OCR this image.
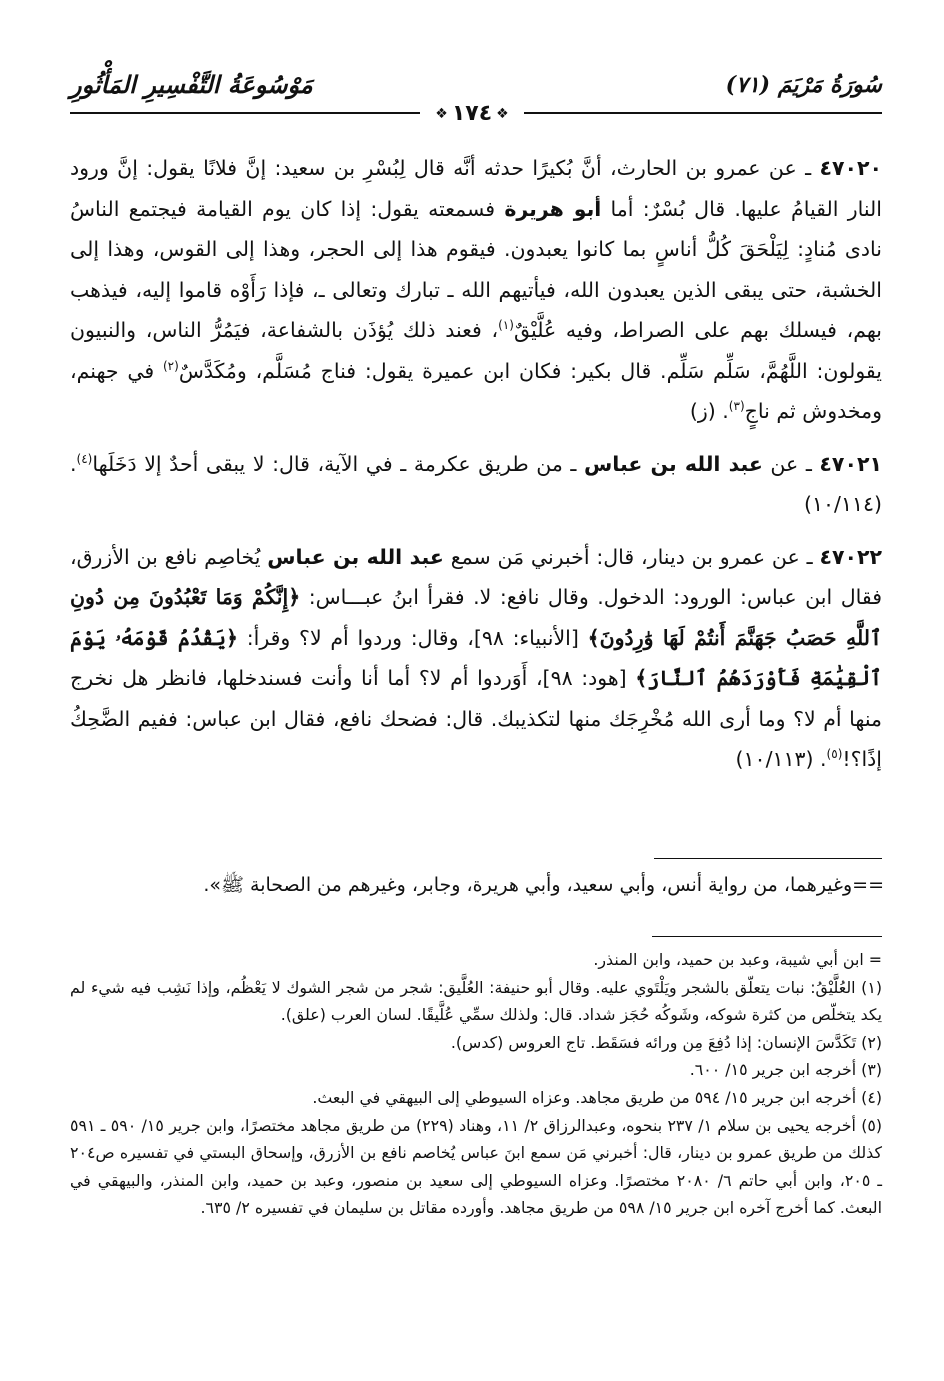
سُورَةُ مَرْيَمَ (٧١)
مَوْسُوعَةُ التَّفْسِيرِ المَأْثُورِ
❖١٧٤❖

٤٧٠٢٠ ـ عن عمرو بن الحارث، أنَّ بُكيرًا حدثه أنَّه قال لِبُسْرِ بن سعيد: إنَّ فلانًا يقول: إنَّ ورود النار القيامُ عليها. قال بُسْرٌ: أما أبو هريرة فسمعته يقول: إذا كان يوم القيامة فيجتمع الناسُ نادى مُنادٍ: لِيَلْحَقَ كُلُّ أناسٍ بما كانوا يعبدون. فيقوم هذا إلى الحجر، وهذا إلى القوس، وهذا إلى الخشبة، حتى يبقى الذين يعبدون الله، فيأتيهم الله ـ تبارك وتعالى ـ، فإذا رَأَوْه قاموا إليه، فيذهب بهم، فيسلك بهم على الصراط، وفيه عُلَّيْقٌ$^{(١)}$، فعند ذلك يُؤذَن بالشفاعة، فيَمُرُّ الناس، والنبيون يقولون: اللَّهُمَّ، سَلِّم سَلِّم. قال بكير: فكان ابن عميرة يقول: فناج مُسَلَّم، ومُكَدَّسٌ$^{(٢)}$ في جهنم، ومخدوش ثم ناجٍ$^{(٣)}$. (ز)

٤٧٠٢١ ـ عن عبد الله بن عباس ـ من طريق عكرمة ـ في الآية، قال: لا يبقى أحدٌ إلا دَخَلَها$^{(٤)}$. (١٠/١١٤)

٤٧٠٢٢ ـ عن عمرو بن دينار، قال: أخبرني مَن سمع عبد الله بن عباس يُخاصِم نافع بن الأزرق، فقال ابن عباس: الورود: الدخول. وقال نافع: لا. فقرأ ابنُ عبـــاس: ﴿إِنَّكُمْ وَمَا تَعْبُدُونَ مِن دُونِ ٱللَّهِ حَصَبُ جَهَنَّمَ أَنتُمْ لَهَا وَٰرِدُونَ﴾ [الأنبياء: ٩٨]، وقال: وردوا أم لا؟ وقرأ: ﴿يَقْدُمُ قَوْمَهُۥ يَوْمَ ٱلْقِيَٰمَةِ فَأَوْرَدَهُمُ ٱلنَّارَ﴾ [هود: ٩٨]، أَوَردوا أم لا؟ أما أنا وأنت فسندخلها، فانظر هل نخرج منها أم لا؟ وما أرى الله مُخْرِجَك منها لتكذيبك. قال: فضحك نافع، فقال ابن عباس: ففيم الضَّحِكُ إذًا؟!$^{(٥)}$. (١٠/١١٣)

==وغيرهما، من رواية أنس، وأبي سعيد، وأبي هريرة، وجابر، وغيرهم من الصحابة ﷺ».

= ابن أبي شيبة، وعبد بن حميد، وابن المنذر.

(١) العُلَّيْقُ: نبات يتعلّق بالشجر ويَلْتَوي عليه. وقال أبو حنيفة: العُلَّيق: شجر من شجر الشوك لا يَعْظُم، وإذا نَشِب فيه شيء لم يكد يتخلّص من كثرة شوكه، وشَوكُه حُجَز شداد. قال: ولذلك سمِّي عُلَّيقًا. لسان العرب (علق).

(٢) تَكَدَّسَ الإنسان: إذا دُفِعَ مِن ورائه فسَقَط. تاج العروس (كدس).

(٣) أخرجه ابن جرير ١٥/ ٦٠٠.

(٤) أخرجه ابن جرير ١٥/ ٥٩٤ من طريق مجاهد. وعزاه السيوطي إلى البيهقي في البعث.

(٥) أخرجه يحيى بن سلام ١/ ٢٣٧ بنحوه، وعبدالرزاق ٢/ ١١، وهناد (٢٢٩) من طريق مجاهد مختصرًا، وابن جرير ١٥/ ٥٩٠ ـ ٥٩١ كذلك من طريق عمرو بن دينار، قال: أخبرني مَن سمع ابنَ عباس يُخاصم نافع بن الأزرق، وإسحاق البستي في تفسيره ص٢٠٤ ـ ٢٠٥، وابن أبي حاتم ٦/ ٢٠٨٠ مختصرًا. وعزاه السيوطي إلى سعيد بن منصور، وعبد بن حميد، وابن المنذر، والبيهقي في البعث. كما أخرج آخره ابن جرير ١٥/ ٥٩٨ من طريق مجاهد. وأورده مقاتل بن سليمان في تفسيره ٢/ ٦٣٥.
